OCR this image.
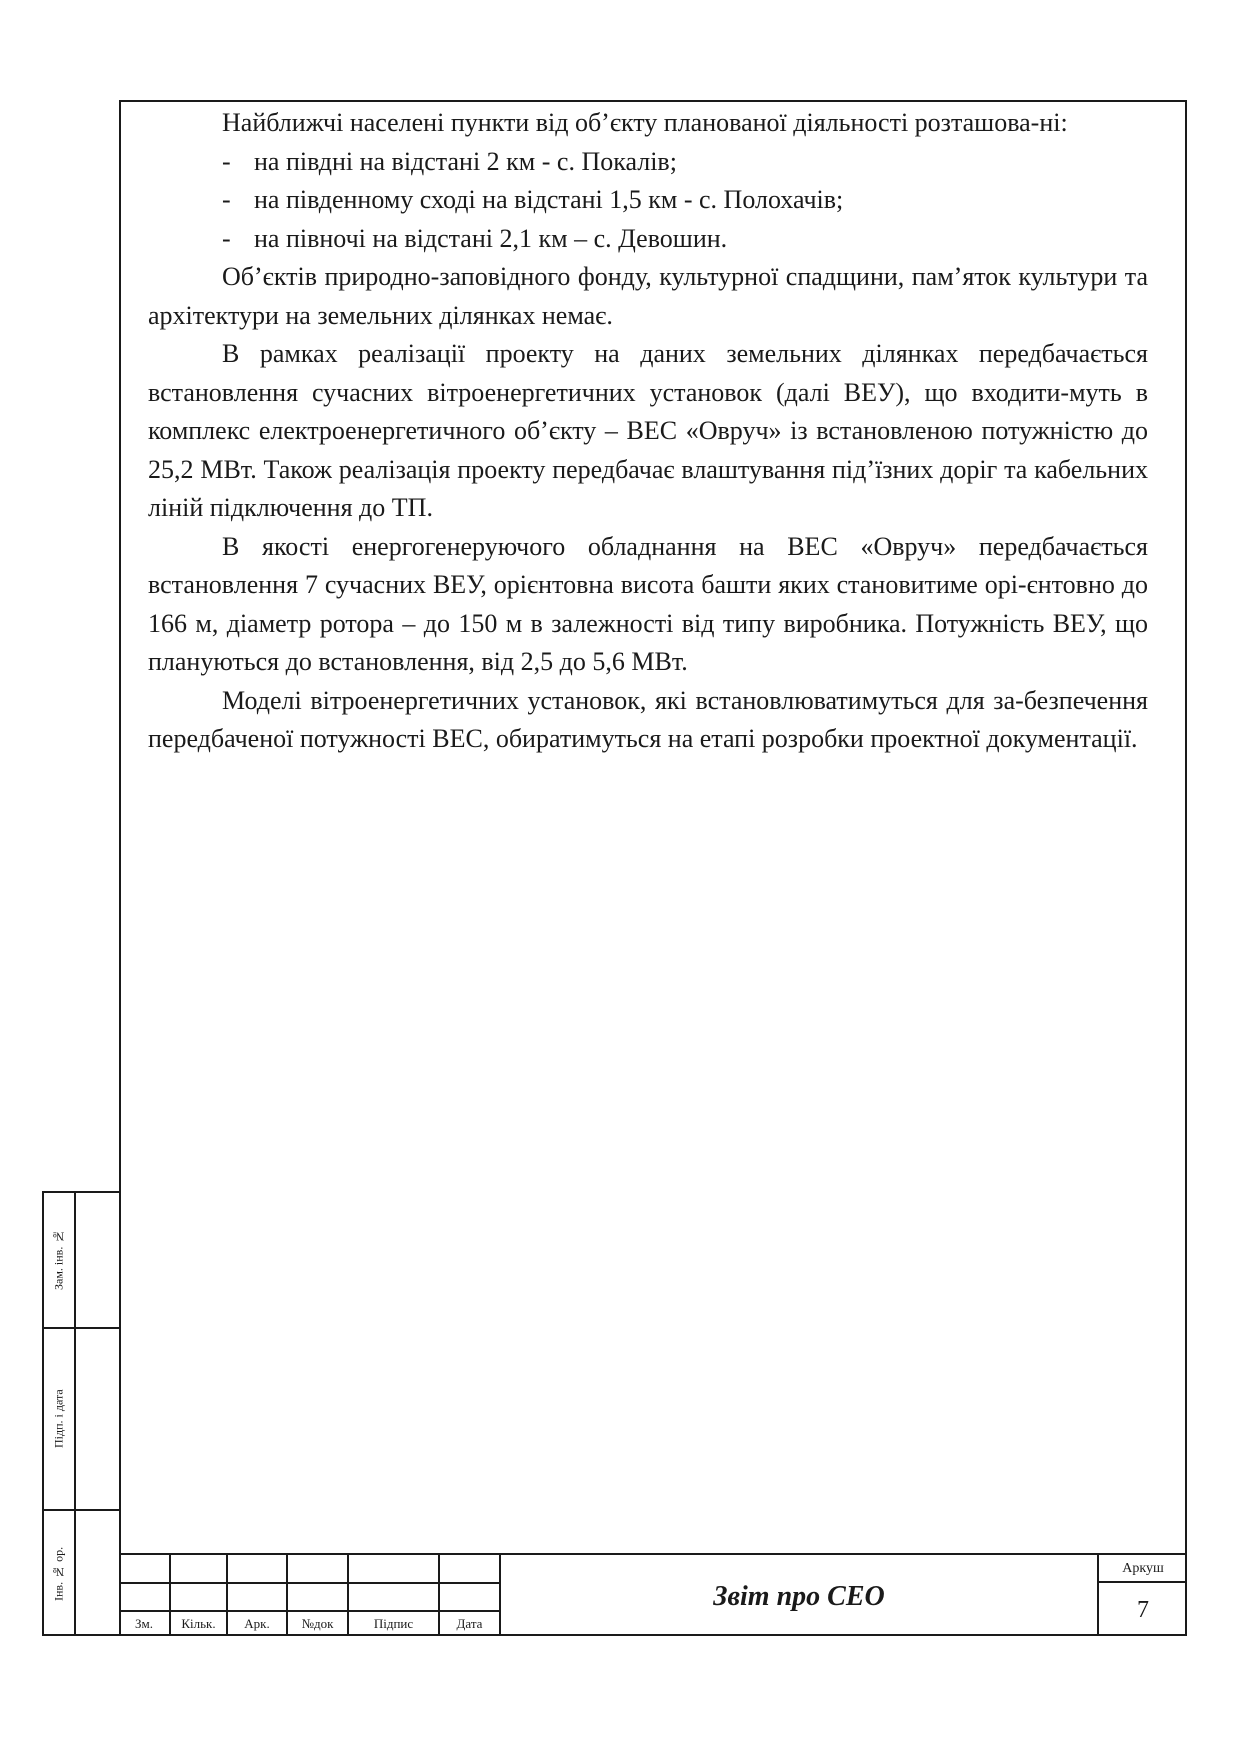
Найближчі населені пункти від об’єкту планованої діяльності розташова-ні:

- на півдні на відстані 2 км - с. Покалів;

- на південному сході на відстані 1,5 км - с. Полохачів;

- на півночі на відстані 2,1 км – с. Девошин.

Об’єктів природно-заповідного фонду, культурної спадщини, пам’яток культури та архітектури на земельних ділянках немає.

В рамках реалізації проекту на даних земельних ділянках передбачається встановлення сучасних вітроенергетичних установок (далі ВЕУ), що входити-муть в комплекс електроенергетичного об’єкту – ВЕС «Овруч» із встановленою потужністю до 25,2 МВт. Також реалізація проекту передбачає влаштування під’їзних доріг та кабельних ліній підключення до ТП.

В якості енергогенеруючого обладнання на ВЕС «Овруч» передбачається встановлення 7 сучасних ВЕУ, орієнтовна висота башти яких становитиме орі-єнтовно до 166 м, діаметр ротора – до 150 м в залежності від типу виробника. Потужність ВЕУ, що плануються до встановлення, від 2,5 до 5,6 МВт.

Моделі вітроенергетичних установок, які встановлюватимуться для за-безпечення передбаченої потужності ВЕС, обиратимуться на етапі розробки проектної документації.

Зам. інв. №
Підп. і дата
Інв. № ор.
Зм.	Кільк.	Арк.	№док	Підпис	Дата
Звіт про СЕО
Аркуш
7
